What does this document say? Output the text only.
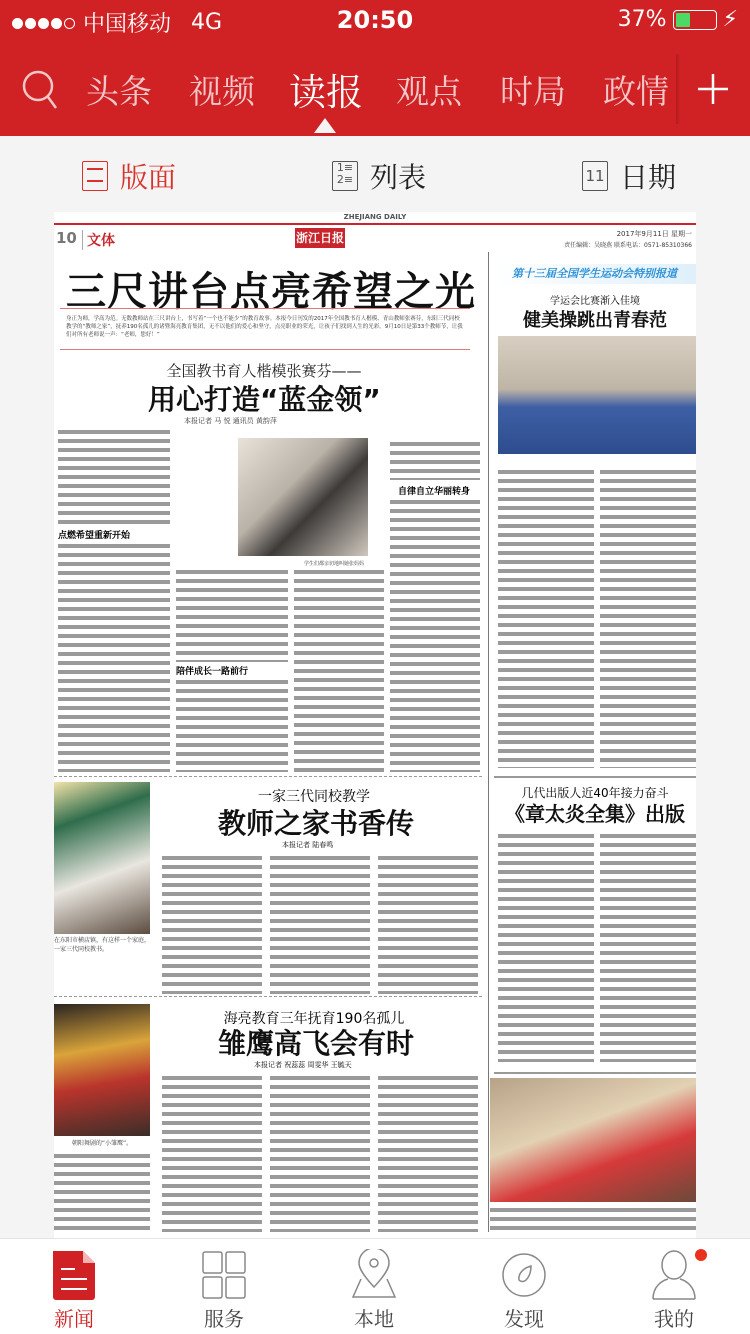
中国移动 4G	20:50	37%	⚡
头条 视频 读报 观点 时局 政情
版面	1≡
2≡ 列表	11 日期
ZHEJIANG DAILY
10 文体	浙江日报	2017年9月11日 星期一
责任编辑：吴晓燕 联系电话：0571-85310366
三尺讲台点亮希望之光
身正为师，学高为范。无数教师站在三尺讲台上，书写着“一个也不能少”的教育故事。本报今日刊发的2017年全国教书育人楷模、青山教师张赛芬，东阳三代同校教学的“教师之家”，抚养190名孤儿的诸暨海亮教育集团，无不以他们的爱心和坚守，点亮职业的荣光，让孩子们找到人生的光彩。9月10日是第33个教师节，让我们对所有老师说一声：“老师，您好！”
全国教书育人楷模张赛芬——
用心打造“蓝金领”
本报记者 马 悦 通讯员 黄韵萍
点燃希望重新开始
学生们都亲切地叫她张妈妈
陪伴成长一路前行
自律自立华丽转身
第十三届全国学生运动会特别报道
学运会比赛渐入佳境
健美操跳出青春范
在东阳市横店镇，有这样一个家庭，一家三代同校教书。
一家三代同校教学
教师之家书香传
本报记者 陆春鸣
几代出版人近40年接力奋斗
《章太炎全集》出版
朝阳舞剧的“小雏鹰”。
海亮教育三年抚育190名孤儿
雏鹰高飞会有时
本报记者 祝蕊蕊 周雯华 王毓天
新闻	服务	本地	发现	我的
